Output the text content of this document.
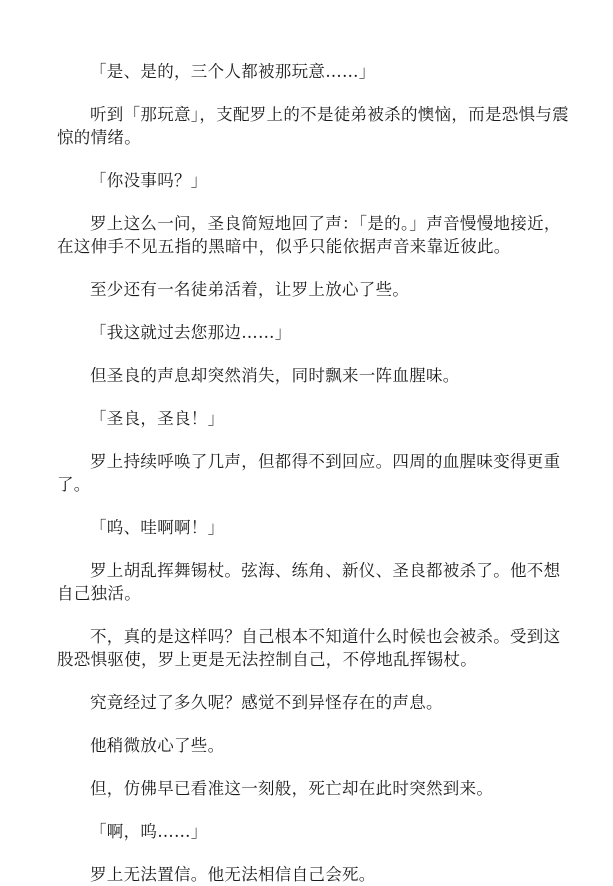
「是、是的，三个人都被那玩意……」

听到「那玩意」，支配罗上的不是徒弟被杀的懊恼，而是恐惧与震惊的情绪。

「你没事吗？」

罗上这么一问，圣良简短地回了声：「是的。」声音慢慢地接近，在这伸手不见五指的黑暗中，似乎只能依据声音来靠近彼此。

至少还有一名徒弟活着，让罗上放心了些。

「我这就过去您那边……」

但圣良的声息却突然消失，同时飘来一阵血腥味。

「圣良，圣良！」

罗上持续呼唤了几声，但都得不到回应。四周的血腥味变得更重了。

「呜、哇啊啊！」

罗上胡乱挥舞锡杖。弦海、练角、新仪、圣良都被杀了。他不想自己独活。

不，真的是这样吗？自己根本不知道什么时候也会被杀。受到这股恐惧驱使，罗上更是无法控制自己，不停地乱挥锡杖。

究竟经过了多久呢？感觉不到异怪存在的声息。

他稍微放心了些。

但，仿佛早已看准这一刻般，死亡却在此时突然到来。

「啊，呜……」

罗上无法置信。他无法相信自己会死。
